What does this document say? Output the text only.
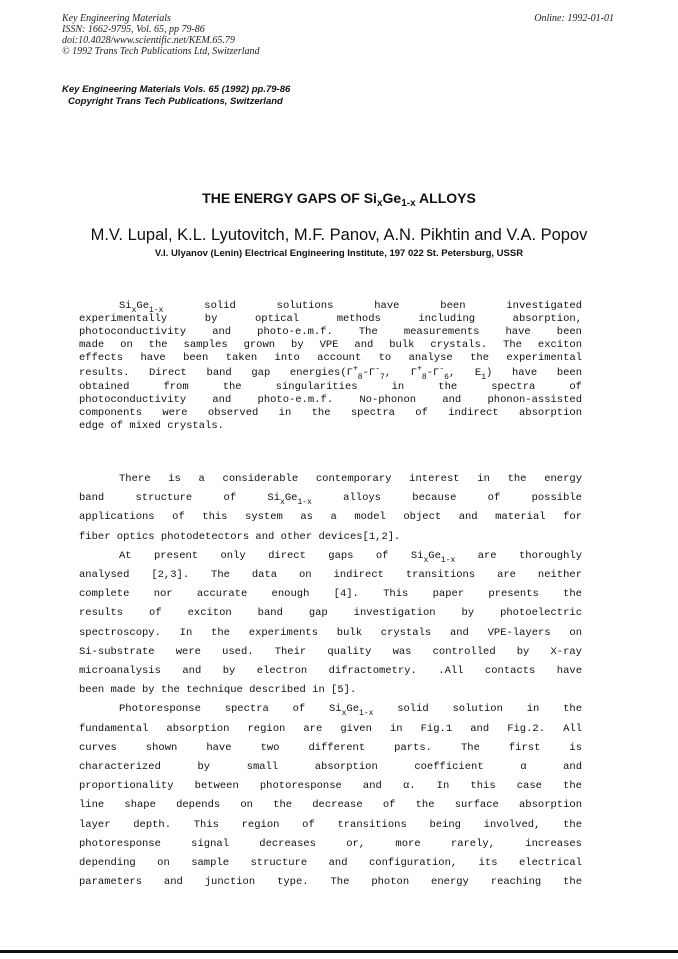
Key Engineering Materials
ISSN: 1662-9795, Vol. 65, pp 79-86
doi:10.4028/www.scientific.net/KEM.65.79
© 1992 Trans Tech Publications Ltd, Switzerland
Online: 1992-01-01
Key Engineering Materials Vols. 65 (1992) pp.79-86
Copyright Trans Tech Publications, Switzerland
THE ENERGY GAPS OF $Si_xGe_{1-x}$ ALLOYS
M.V. Lupal, K.L. Lyutovitch, M.F. Panov, A.N. Pikhtin and V.A. Popov
V.I. Ulyanov (Lenin) Electrical Engineering Institute, 197 022 St. Petersburg, USSR
$Si_xGe_{1-x}$ solid solutions have been investigated
experimentally by optical methods including absorption,
photoconductivity and photo-e.m.f. The measurements have been
made on the samples grown by VPE and bulk crystals. The exciton
effects have been taken into account to analyse the experimental
results. Direct band gap $energies(\Gamma^+_8-\Gamma^-_7$, $\Gamma^+_8-\Gamma^-_6$, $E_1$) have been
obtained from the singularities in the spectra of
photoconductivity and photo-e.m.f. No-phonon and phonon-assisted
components were observed in the spectra of indirect absorption
edge of mixed crystals.
There is a considerable contemporary interest in the energy
band structure of $Si_xGe_{1-x}$ alloys because of possible
applications of this system as a model object and material for
fiber optics photodetectors and other devices[1,2].
At present only direct gaps of $Si_xGe_{1-x}$ are thoroughly
analysed [2,3]. The data on indirect transitions are neither
complete nor accurate enough [4]. This paper presents the
results of exciton band gap investigation by photoelectric
spectroscopy. In the experiments bulk crystals and VPE-layers on
Si-substrate were used. Their quality was controlled by X-ray
microanalysis and by electron difractometry. .All contacts have
been made by the technique described in [5].
Photoresponse spectra of $Si_xGe_{1-x}$ solid solution in the
fundamental absorption region are given in Fig.1 and Fig.2. All
curves shown have two different parts. The first is
characterized by small absorption coefficient α and
proportionality between photoresponse and α. In this case the
line shape depends on the decrease of the surface absorption
layer depth. This region of transitions being involved, the
photoresponse signal decreases or, more rarely, increases
depending on sample structure and configuration, its electrical
parameters and junction type. The photon energy reaching the
